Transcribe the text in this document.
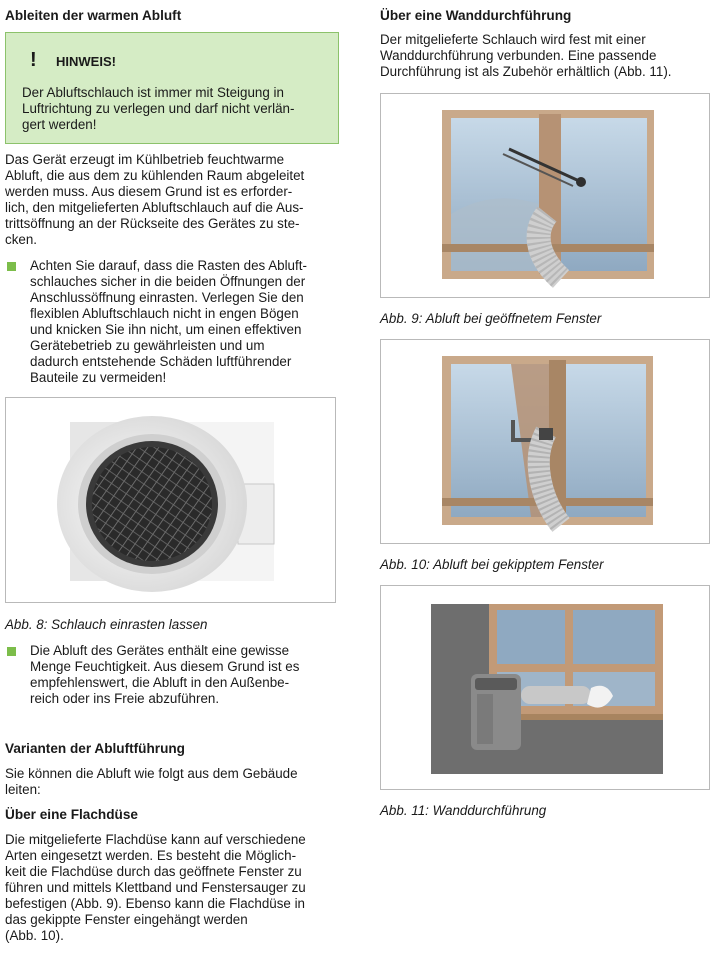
Ableiten der warmen Abluft
! HINWEIS!
Der Abluftschlauch ist immer mit Steigung in
Luftrichtung zu verlegen und darf nicht verlän-
gert werden!
Das Gerät erzeugt im Kühlbetrieb feuchtwarme
Abluft, die aus dem zu kühlenden Raum abgeleitet
werden muss. Aus diesem Grund ist es erforder-
lich, den mitgelieferten Abluftschlauch auf die Aus-
trittsöffnung an der Rückseite des Gerätes zu ste-
cken.
Achten Sie darauf, dass die Rasten des Abluft-
schlauches sicher in die beiden Öffnungen der
Anschlussöffnung einrasten. Verlegen Sie den
flexiblen Abluftschlauch nicht in engen Bögen
und knicken Sie ihn nicht, um einen effektiven
Gerätebetrieb zu gewährleisten und um
dadurch entstehende Schäden luftführender
Bauteile zu vermeiden!
Abb. 8: Schlauch einrasten lassen
Die Abluft des Gerätes enthält eine gewisse
Menge Feuchtigkeit. Aus diesem Grund ist es
empfehlenswert, die Abluft in den Außenbe-
reich oder ins Freie abzuführen.
Varianten der Abluftführung
Sie können die Abluft wie folgt aus dem Gebäude
leiten:
Über eine Flachdüse
Die mitgelieferte Flachdüse kann auf verschiedene
Arten eingesetzt werden. Es besteht die Möglich-
keit die Flachdüse durch das geöffnete Fenster zu
führen und mittels Klettband und Fenstersauger zu
befestigen (Abb. 9). Ebenso kann die Flachdüse in
das gekippte Fenster eingehängt werden
(Abb. 10).
Über eine Wanddurchführung
Der mitgelieferte Schlauch wird fest mit einer
Wanddurchführung verbunden. Eine passende
Durchführung ist als Zubehör erhältlich (Abb. 11).
Abb. 9: Abluft bei geöffnetem Fenster
Abb. 10: Abluft bei gekipptem Fenster
Abb. 11: Wanddurchführung
